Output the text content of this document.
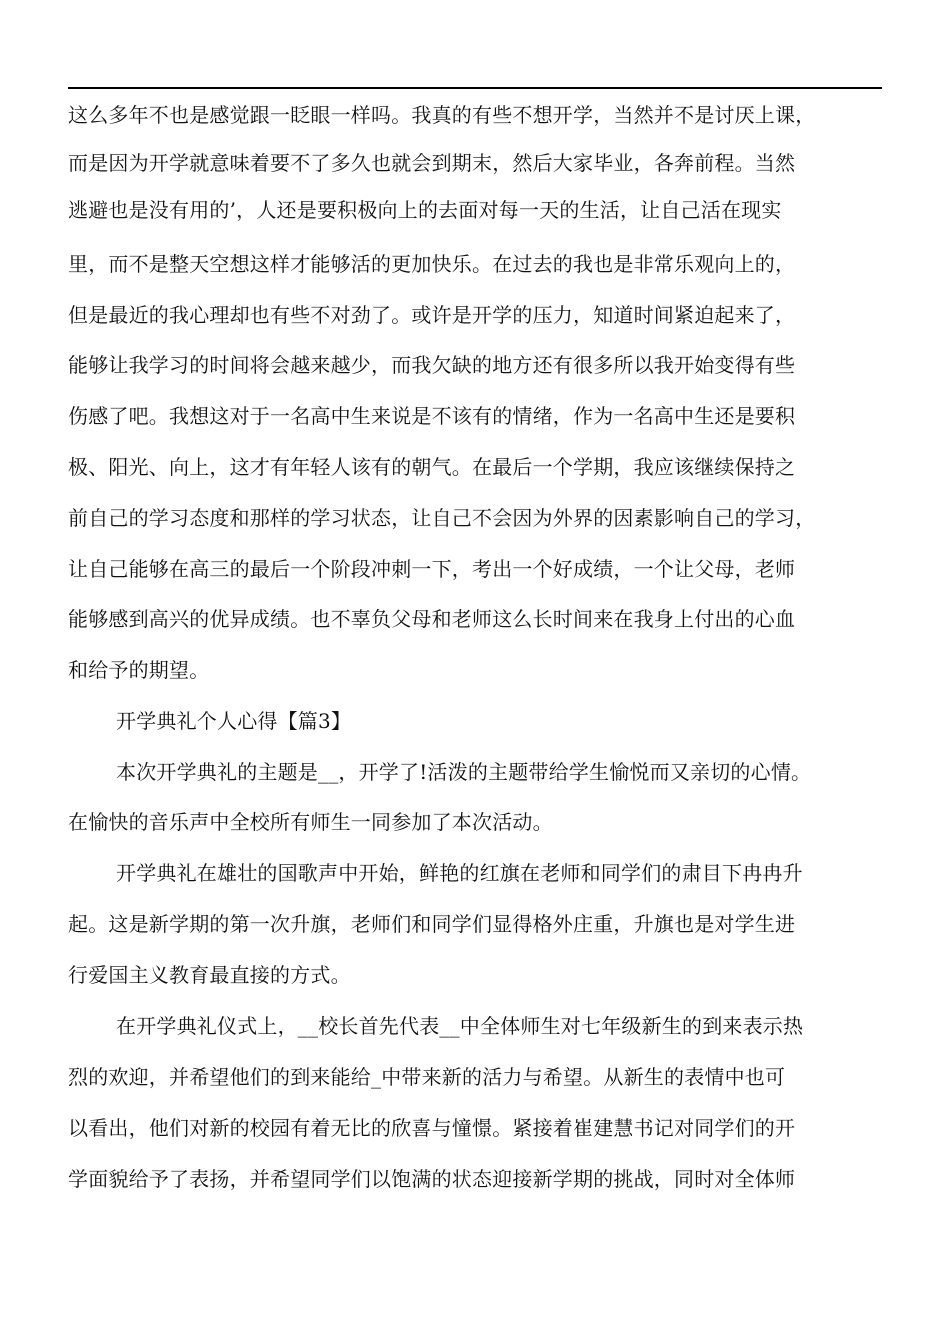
这么多年不也是感觉跟一眨眼一样吗。我真的有些不想开学，当然并不是讨厌上课，
而是因为开学就意味着要不了多久也就会到期末，然后大家毕业，各奔前程。当然
逃避也是没有用的’，人还是要积极向上的去面对每一天的生活，让自己活在现实
里，而不是整天空想这样才能够活的更加快乐。在过去的我也是非常乐观向上的，
但是最近的我心理却也有些不对劲了。或许是开学的压力，知道时间紧迫起来了，
能够让我学习的时间将会越来越少，而我欠缺的地方还有很多所以我开始变得有些
伤感了吧。我想这对于一名高中生来说是不该有的情绪，作为一名高中生还是要积
极、阳光、向上，这才有年轻人该有的朝气。在最后一个学期，我应该继续保持之
前自己的学习态度和那样的学习状态，让自己不会因为外界的因素影响自己的学习，
让自己能够在高三的最后一个阶段冲刺一下，考出一个好成绩，一个让父母，老师
能够感到高兴的优异成绩。也不辜负父母和老师这么长时间来在我身上付出的心血
和给予的期望。
开学典礼个人心得【篇3】
本次开学典礼的主题是__，开学了!活泼的主题带给学生愉悦而又亲切的心情。
在愉快的音乐声中全校所有师生一同参加了本次活动。
开学典礼在雄壮的国歌声中开始，鲜艳的红旗在老师和同学们的肃目下冉冉升
起。这是新学期的第一次升旗，老师们和同学们显得格外庄重，升旗也是对学生进
行爱国主义教育最直接的方式。
在开学典礼仪式上，__校长首先代表__中全体师生对七年级新生的到来表示热
烈的欢迎，并希望他们的到来能给_中带来新的活力与希望。从新生的表情中也可
以看出，他们对新的校园有着无比的欣喜与憧憬。紧接着崔建慧书记对同学们的开
学面貌给予了表扬，并希望同学们以饱满的状态迎接新学期的挑战，同时对全体师
